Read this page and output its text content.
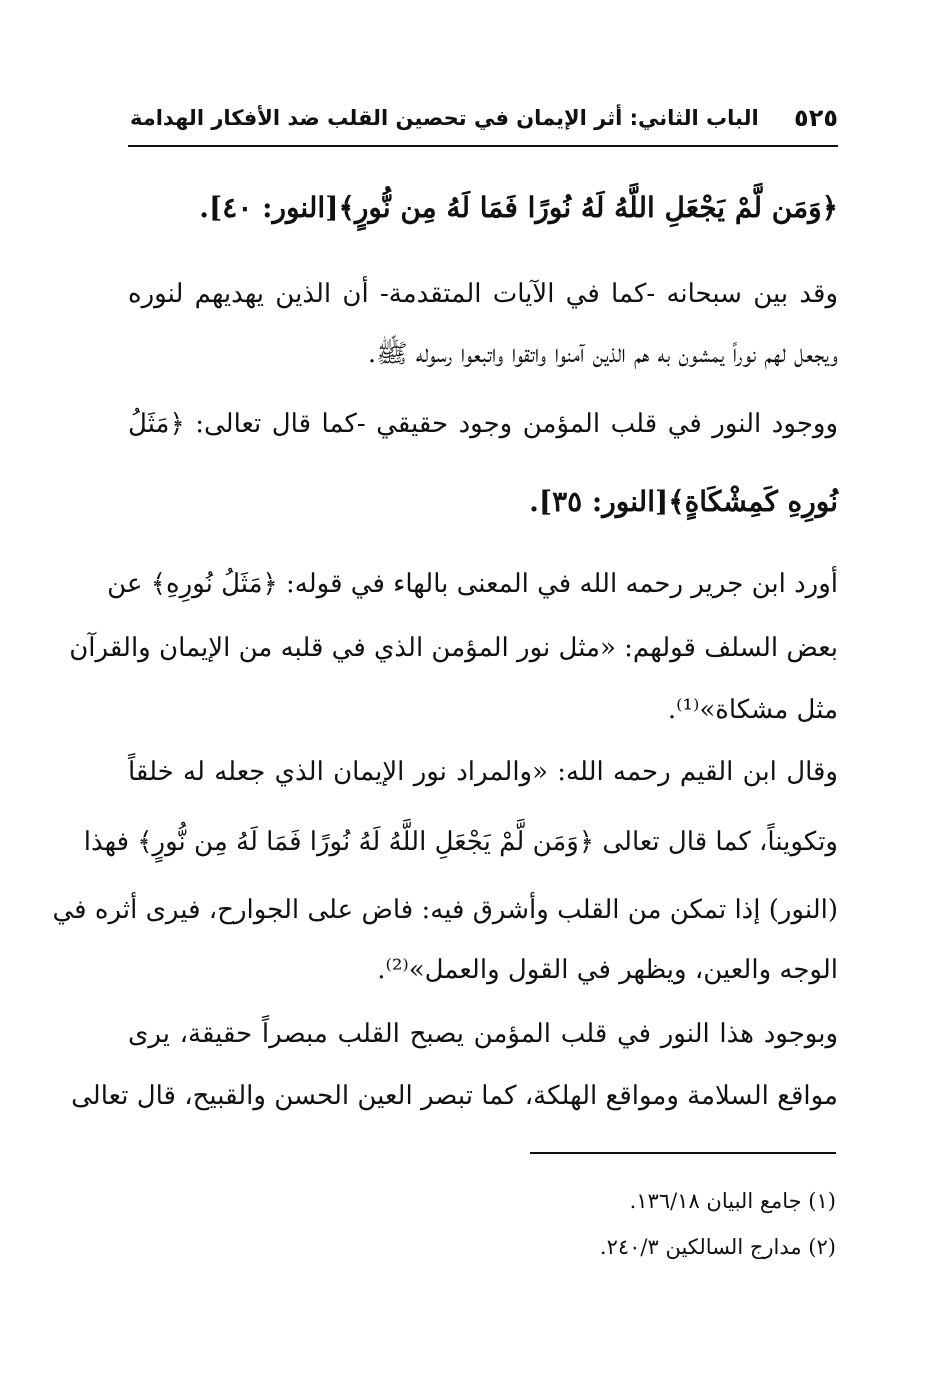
٥٢٥
الباب الثاني: أثر الإيمان في تحصين القلب ضد الأفكار الهدامة
﴿وَمَن لَّمْ يَجْعَلِ اللَّهُ لَهُ نُورًا فَمَا لَهُ مِن نُّورٍ﴾[النور: ٤٠].
وقد بين سبحانه -كما في الآيات المتقدمة- أن الذين يهديهم لنوره
ويجعل لهم نوراً يمشون به هم الذين آمنوا واتقوا واتبعوا رسوله ﷺ.
ووجود النور في قلب المؤمن وجود حقيقي -كما قال تعالى: ﴿مَثَلُ
نُورِهِ كَمِشْكَاةٍ﴾[النور: ٣٥].
أورد ابن جرير رحمه الله في المعنى بالهاء في قوله: ﴿مَثَلُ نُورِهِ﴾ عن
بعض السلف قولهم: «مثل نور المؤمن الذي في قلبه من الإيمان والقرآن
مثل مشكاة»⁽¹⁾.
وقال ابن القيم رحمه الله: «والمراد نور الإيمان الذي جعله له خلقاً
وتكويناً، كما قال تعالى ﴿وَمَن لَّمْ يَجْعَلِ اللَّهُ لَهُ نُورًا فَمَا لَهُ مِن نُّورٍ﴾ فهذا
(النور) إذا تمكن من القلب وأشرق فيه: فاض على الجوارح، فيرى أثره في
الوجه والعين، ويظهر في القول والعمل»⁽²⁾.
وبوجود هذا النور في قلب المؤمن يصبح القلب مبصراً حقيقة، يرى
مواقع السلامة ومواقع الهلكة، كما تبصر العين الحسن والقبيح، قال تعالى
(١) جامع البيان ١٣٦/١٨.
(٢) مدارج السالكين ٢٤٠/٣.
